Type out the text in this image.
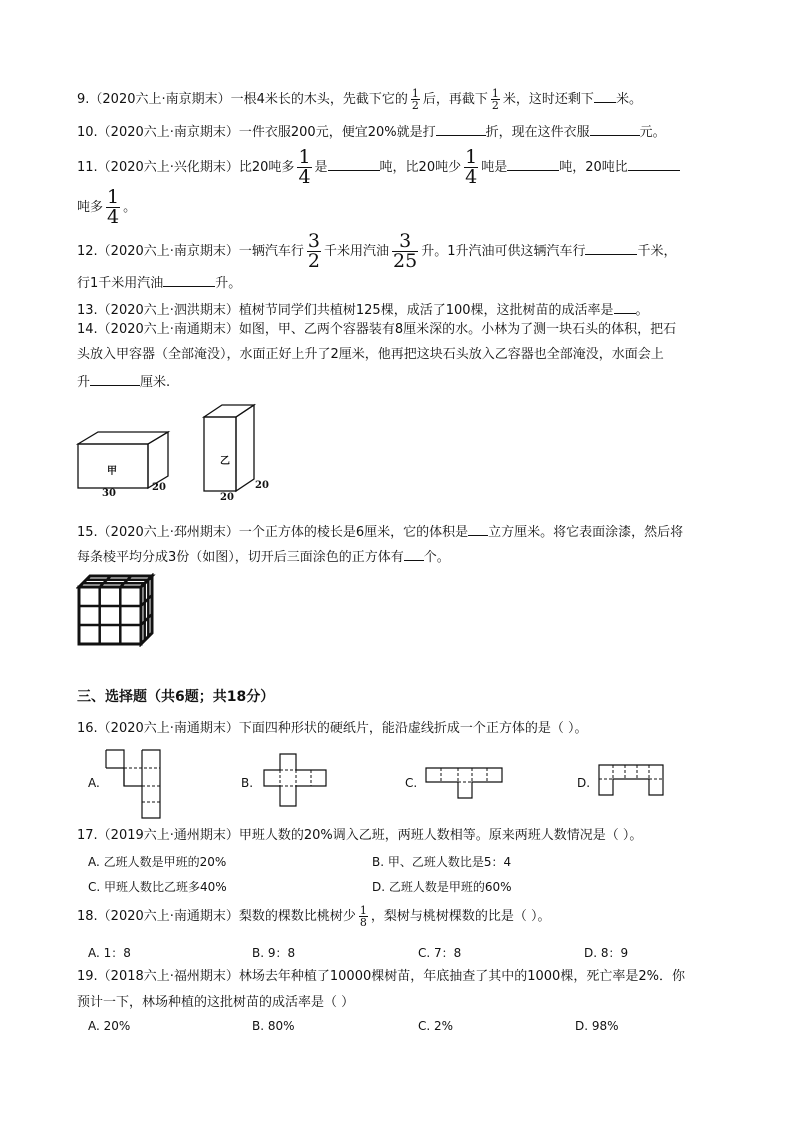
9.（2020六上·南京期末）一根4米长的木头，先截下它的 $\frac{1}{2}$ 后，再截下 $\frac{1}{2}$ 米，这时还剩下 米。
10.（2020六上·南京期末）一件衣服200元，便宜20%就是打	折，现在这件衣服	元。
11.（2020六上·兴化期末）比20吨多 $\frac{1}{4}$ 是	吨，比20吨少 $\frac{1}{4}$ 吨是	吨，20吨比
吨多 $\frac{1}{4}$ 。
12.（2020六上·南京期末）一辆汽车行 $\frac{3}{2}$ 千米用汽油 $\frac{3}{25}$ 升。1升汽油可供这辆汽车行	千米，
行1千米用汽油	升。
13.（2020六上·泗洪期末）植树节同学们共植树125棵，成活了100棵，这批树苗的成活率是 。
14.（2020六上·南通期末）如图，甲、乙两个容器装有8厘米深的水。小林为了测一块石头的体积，把石
头放入甲容器（全部淹没），水面正好上升了2厘米，他再把这块石头放入乙容器也全部淹没，水面会上
升	厘米.
甲
30
20
乙
20
20
15.（2020六上·邳州期末）一个正方体的棱长是6厘米，它的体积是 立方厘米。将它表面涂漆，然后将
每条棱平均分成3份（如图），切开后三面涂色的正方体有 个。
三、选择题（共6题；共18分）
16.（2020六上·南通期末）下面四种形状的硬纸片，能沿虚线折成一个正方体的是（ ）。
A.	B.	C.	D.
17.（2019六上·通州期末）甲班人数的20%调入乙班，两班人数相等。原来两班人数情况是（ ）。
A. 乙班人数是甲班的20%	B. 甲、乙班人数比是5：4
C. 甲班人数比乙班多40%	D. 乙班人数是甲班的60%
18.（2020六上·南通期末）梨数的棵数比桃树少 $\frac{1}{8}$ ，梨树与桃树棵数的比是（ ）。
A. 1：8	B. 9：8	C. 7：8	D. 8：9
19.（2018六上·福州期末）林场去年种植了10000棵树苗，年底抽查了其中的1000棵，死亡率是2%．你
预计一下，林场种植的这批树苗的成活率是（ ）
A. 20%	B. 80%	C. 2%	D. 98%
